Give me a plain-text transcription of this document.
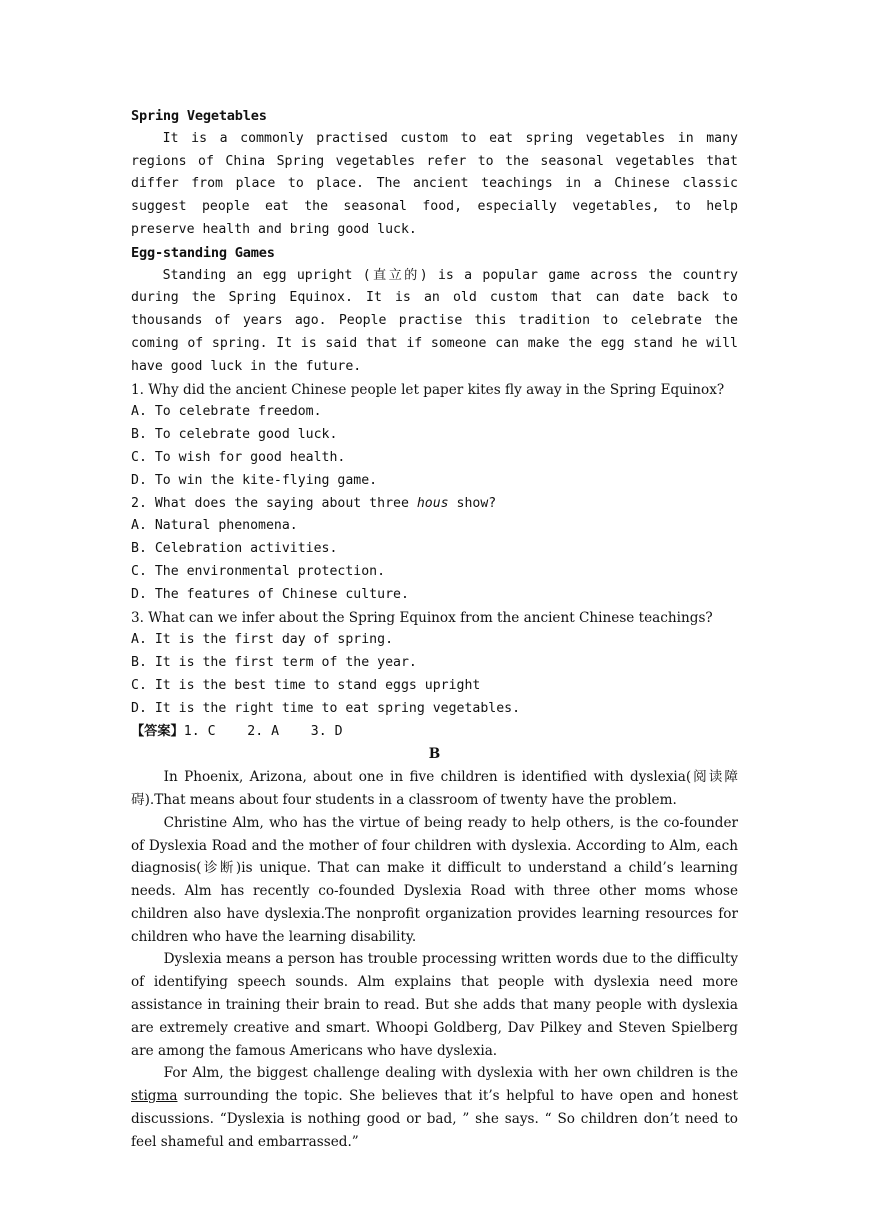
Spring Vegetables

It is a commonly practised custom to eat spring vegetables in many regions of China Spring vegetables refer to the seasonal vegetables that differ from place to place. The ancient teachings in a Chinese classic suggest people eat the seasonal food, especially vegetables, to help preserve health and bring good luck.

Egg-standing Games

Standing an egg upright (直立的) is a popular game across the country during the Spring Equinox. It is an old custom that can date back to thousands of years ago. People practise this tradition to celebrate the coming of spring. It is said that if someone can make the egg stand he will have good luck in the future.

1. Why did the ancient Chinese people let paper kites fly away in the Spring Equinox?

A. To celebrate freedom.

B. To celebrate good luck.

C. To wish for good health.

D. To win the kite-flying game.

2. What does the saying about three hous show?

A. Natural phenomena.

B. Celebration activities.

C. The environmental protection.

D. The features of Chinese culture.

3. What can we infer about the Spring Equinox from the ancient Chinese teachings?

A. It is the first day of spring.

B. It is the first term of the year.

C. It is the best time to stand eggs upright

D. It is the right time to eat spring vegetables.

【答案】1. C    2. A    3. D

B

In Phoenix, Arizona, about one in five children is identified with dyslexia(阅读障碍).That means about four students in a classroom of twenty have the problem.

Christine Alm, who has the virtue of being ready to help others, is the co-founder of Dyslexia Road and the mother of four children with dyslexia. According to Alm, each diagnosis(诊断)is unique. That can make it difficult to understand a child’s learning needs. Alm has recently co-founded Dyslexia Road with three other moms whose children also have dyslexia.The nonprofit organization provides learning resources for children who have the learning disability.

Dyslexia means a person has trouble processing written words due to the difficulty of identifying speech sounds. Alm explains that people with dyslexia need more assistance in training their brain to read. But she adds that many people with dyslexia are extremely creative and smart. Whoopi Goldberg, Dav Pilkey and Steven Spielberg are among the famous Americans who have dyslexia.

For Alm, the biggest challenge dealing with dyslexia with her own children is the stigma surrounding the topic. She believes that it’s helpful to have open and honest discussions. “Dyslexia is nothing good or bad, ” she says. “ So children don’t need to feel shameful and embarrassed.”
